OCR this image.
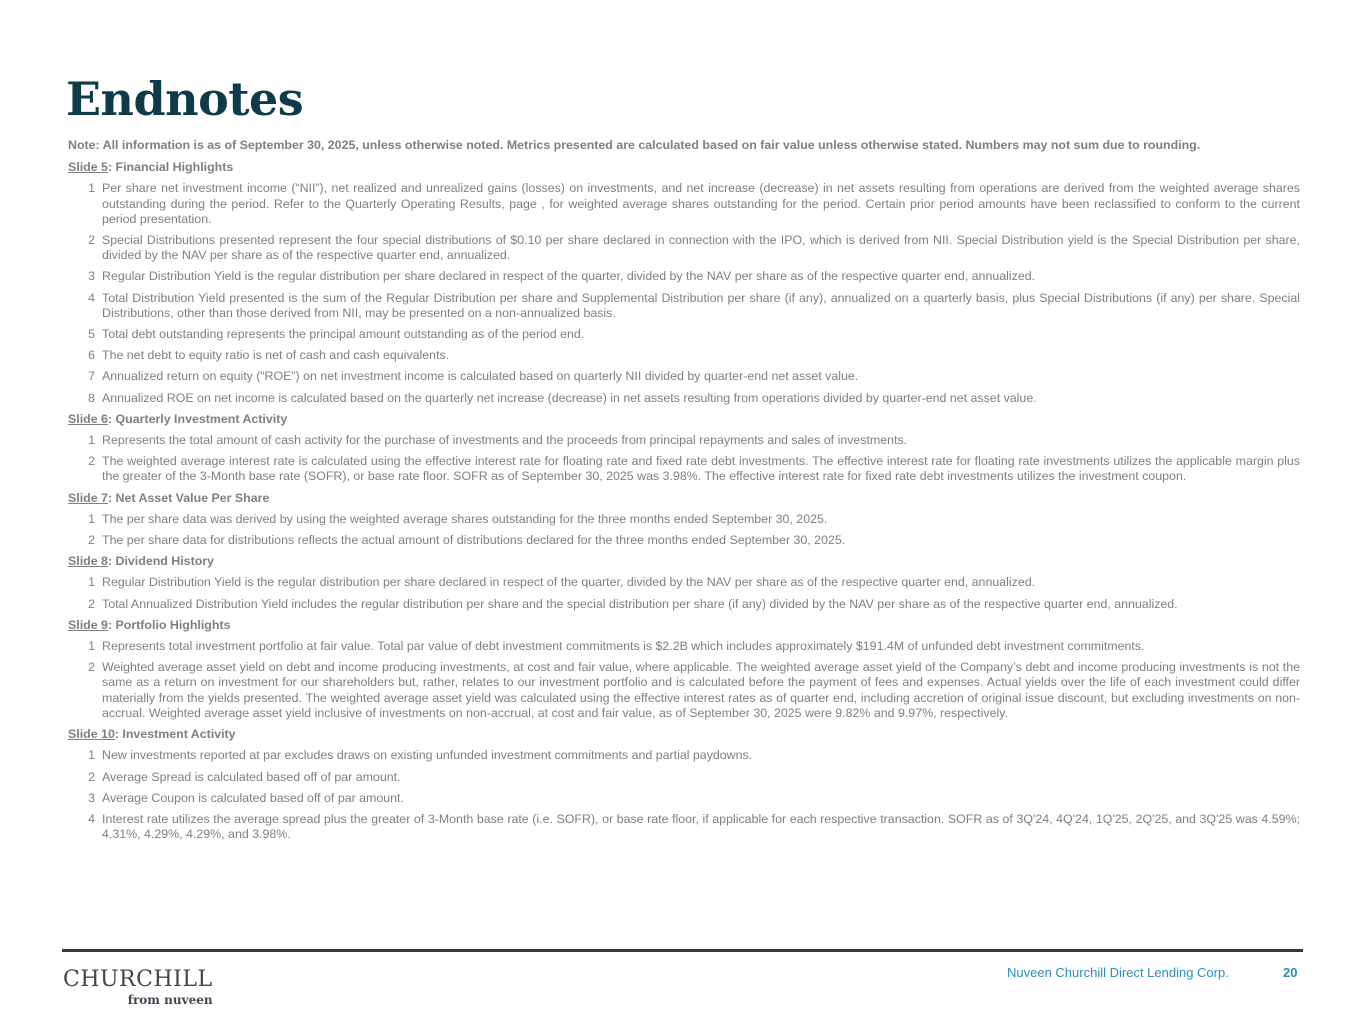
Endnotes
Note: All information is as of September 30, 2025, unless otherwise noted. Metrics presented are calculated based on fair value unless otherwise stated. Numbers may not sum due to rounding.
Slide 5: Financial Highlights
1 Per share net investment income (“NII”), net realized and unrealized gains (losses) on investments, and net increase (decrease) in net assets resulting from operations are derived from the weighted average shares outstanding during the period. Refer to the Quarterly Operating Results, page , for weighted average shares outstanding for the period. Certain prior period amounts have been reclassified to conform to the current period presentation.
2 Special Distributions presented represent the four special distributions of $0.10 per share declared in connection with the IPO, which is derived from NII. Special Distribution yield is the Special Distribution per share, divided by the NAV per share as of the respective quarter end, annualized.
3 Regular Distribution Yield is the regular distribution per share declared in respect of the quarter, divided by the NAV per share as of the respective quarter end, annualized.
4 Total Distribution Yield presented is the sum of the Regular Distribution per share and Supplemental Distribution per share (if any), annualized on a quarterly basis, plus Special Distributions (if any) per share. Special Distributions, other than those derived from NII, may be presented on a non-annualized basis.
5 Total debt outstanding represents the principal amount outstanding as of the period end.
6 The net debt to equity ratio is net of cash and cash equivalents.
7 Annualized return on equity (“ROE”) on net investment income is calculated based on quarterly NII divided by quarter-end net asset value.
8 Annualized ROE on net income is calculated based on the quarterly net increase (decrease) in net assets resulting from operations divided by quarter-end net asset value.
Slide 6: Quarterly Investment Activity
1 Represents the total amount of cash activity for the purchase of investments and the proceeds from principal repayments and sales of investments.
2 The weighted average interest rate is calculated using the effective interest rate for floating rate and fixed rate debt investments. The effective interest rate for floating rate investments utilizes the applicable margin plus the greater of the 3-Month base rate (SOFR), or base rate floor. SOFR as of September 30, 2025 was 3.98%. The effective interest rate for fixed rate debt investments utilizes the investment coupon.
Slide 7: Net Asset Value Per Share
1 The per share data was derived by using the weighted average shares outstanding for the three months ended September 30, 2025.
2 The per share data for distributions reflects the actual amount of distributions declared for the three months ended September 30, 2025.
Slide 8: Dividend History
1 Regular Distribution Yield is the regular distribution per share declared in respect of the quarter, divided by the NAV per share as of the respective quarter end, annualized.
2 Total Annualized Distribution Yield includes the regular distribution per share and the special distribution per share (if any) divided by the NAV per share as of the respective quarter end, annualized.
Slide 9: Portfolio Highlights
1 Represents total investment portfolio at fair value. Total par value of debt investment commitments is $2.2B which includes approximately $191.4M of unfunded debt investment commitments.
2 Weighted average asset yield on debt and income producing investments, at cost and fair value, where applicable. The weighted average asset yield of the Company’s debt and income producing investments is not the same as a return on investment for our shareholders but, rather, relates to our investment portfolio and is calculated before the payment of fees and expenses. Actual yields over the life of each investment could differ materially from the yields presented. The weighted average asset yield was calculated using the effective interest rates as of quarter end, including accretion of original issue discount, but excluding investments on non-accrual. Weighted average asset yield inclusive of investments on non-accrual, at cost and fair value, as of September 30, 2025 were 9.82% and 9.97%, respectively.
Slide 10: Investment Activity
1 New investments reported at par excludes draws on existing unfunded investment commitments and partial paydowns.
2 Average Spread is calculated based off of par amount.
3 Average Coupon is calculated based off of par amount.
4 Interest rate utilizes the average spread plus the greater of 3-Month base rate (i.e. SOFR), or base rate floor, if applicable for each respective transaction. SOFR as of 3Q'24, 4Q'24, 1Q'25, 2Q'25, and 3Q'25 was 4.59%; 4.31%, 4.29%, 4.29%, and 3.98%.
CHURCHILL
from nuveen
Nuveen Churchill Direct Lending Corp.	20
